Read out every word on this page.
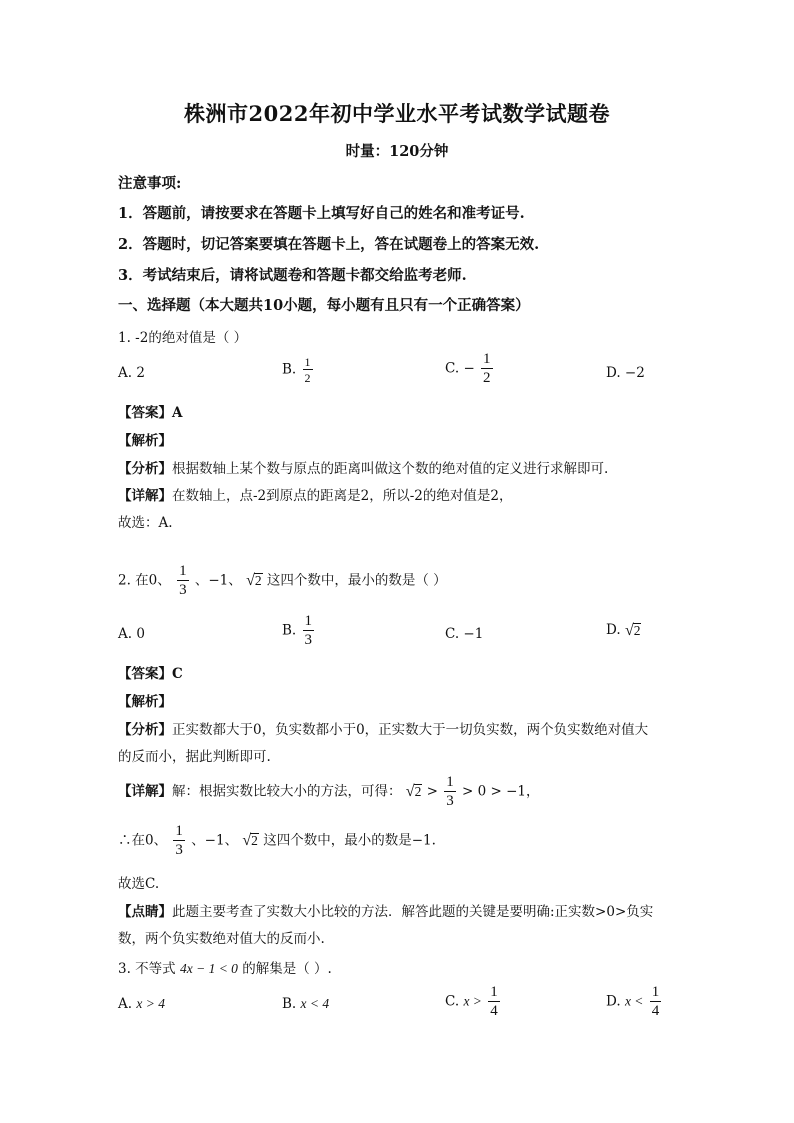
株洲市2022年初中学业水平考试数学试题卷
时量：120分钟
注意事项:
1．答题前，请按要求在答题卡上填写好自己的姓名和准考证号.
2．答题时，切记答案要填在答题卡上，答在试题卷上的答案无效.
3．考试结束后，请将试题卷和答题卡都交给监考老师.
一、选择题（本大题共10小题，每小题有且只有一个正确答案）
1. -2的绝对值是（ ）
A. 2	B. $\frac{1}{2}$	C. − $\frac{1}{2}$	D. −2
【答案】A
【解析】
【分析】根据数轴上某个数与原点的距离叫做这个数的绝对值的定义进行求解即可.
【详解】在数轴上，点-2到原点的距离是2，所以-2的绝对值是2，
故选：A.
2. 在0、 $\frac{1}{3}$ 、−1、 √ 2 这四个数中，最小的数是（ ）
A. 0	B. $\frac{1}{3}$	C. −1	D. √ 2
【答案】C
【解析】
【分析】正实数都大于0，负实数都小于0，正实数大于一切负实数，两个负实数绝对值大
的反而小，据此判断即可.
【详解】解：根据实数比较大小的方法，可得： √ $2 > \frac{1}{3} > 0 > -1$，
∴在0、 $\frac{1}{3}$ 、−1、 √ 2 这四个数中，最小的数是−1.
故选C.
【点睛】此题主要考查了实数大小比较的方法．解答此题的关键是要明确:正实数>0>负实
数，两个负实数绝对值大的反而小.
3. 不等式 4x − 1 < 0 的解集是（ ）.
A. x > 4	B. x < 4	C. $x > \frac{1}{4}$	D. $x < \frac{1}{4}$
